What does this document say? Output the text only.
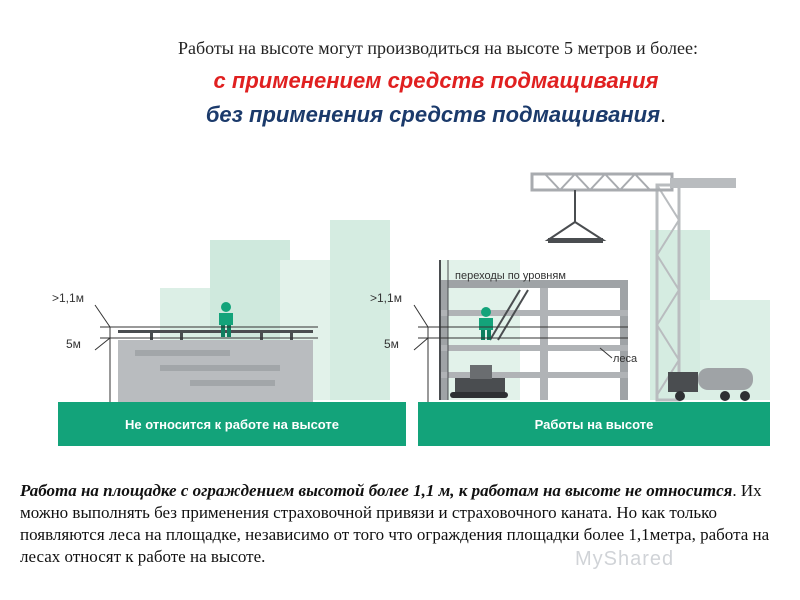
Работы на высоте могут производиться на высоте 5 метров и более:
с применением средств подмащивания
без применения средств подмащивания.
>1,1м
5м
Не относится к работе на высоте
>1,1м
5м
переходы по уровням
леса
Работы на высоте
Работа на площадке с ограждением высотой более 1,1 м, к работам на высоте не относится. Их можно выполнять без применения страховочной привязи и страховочного каната. Но как только появляются леса на площадке, независимо от того что ограждения площадки более 1,1метра, работа на лесах относят к работе на высоте.	MyShared
